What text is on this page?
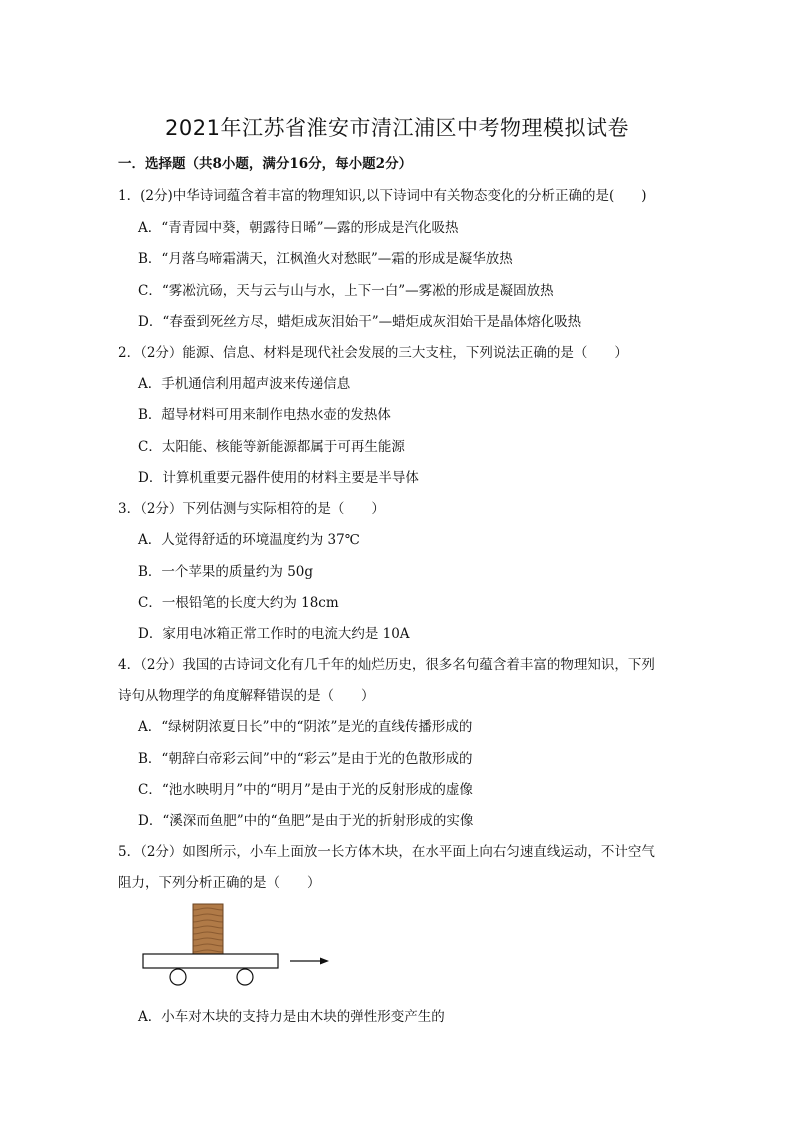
2021年江苏省淮安市清江浦区中考物理模拟试卷
一．选择题（共8小题，满分16分，每小题2分）
1．(2分)中华诗词蕴含着丰富的物理知识,以下诗词中有关物态变化的分析正确的是(　　)
A．“青青园中葵，朝露待日晞”—露的形成是汽化吸热
B．“月落乌啼霜满天，江枫渔火对愁眠”—霜的形成是凝华放热
C．“雾凇沆砀，天与云与山与水，上下一白”—雾凇的形成是凝固放热
D．“春蚕到死丝方尽，蜡炬成灰泪始干”—蜡炬成灰泪始干是晶体熔化吸热
2．（2分）能源、信息、材料是现代社会发展的三大支柱，下列说法正确的是（　　）
A．手机通信利用超声波来传递信息
B．超导材料可用来制作电热水壶的发热体
C．太阳能、核能等新能源都属于可再生能源
D．计算机重要元器件使用的材料主要是半导体
3．（2分）下列估测与实际相符的是（　　）
A．人觉得舒适的环境温度约为 37℃
B．一个苹果的质量约为 50g
C．一根铅笔的长度大约为 18cm
D．家用电冰箱正常工作时的电流大约是 10A
4．（2分）我国的古诗词文化有几千年的灿烂历史，很多名句蕴含着丰富的物理知识，下列
诗句从物理学的角度解释错误的是（　　）
A．“绿树阴浓夏日长”中的“阴浓”是光的直线传播形成的
B．“朝辞白帝彩云间”中的“彩云”是由于光的色散形成的
C．“池水映明月”中的“明月”是由于光的反射形成的虚像
D．“溪深而鱼肥”中的“鱼肥”是由于光的折射形成的实像
5．（2分）如图所示，小车上面放一长方体木块，在水平面上向右匀速直线运动，不计空气
阻力，下列分析正确的是（　　）
A．小车对木块的支持力是由木块的弹性形变产生的
